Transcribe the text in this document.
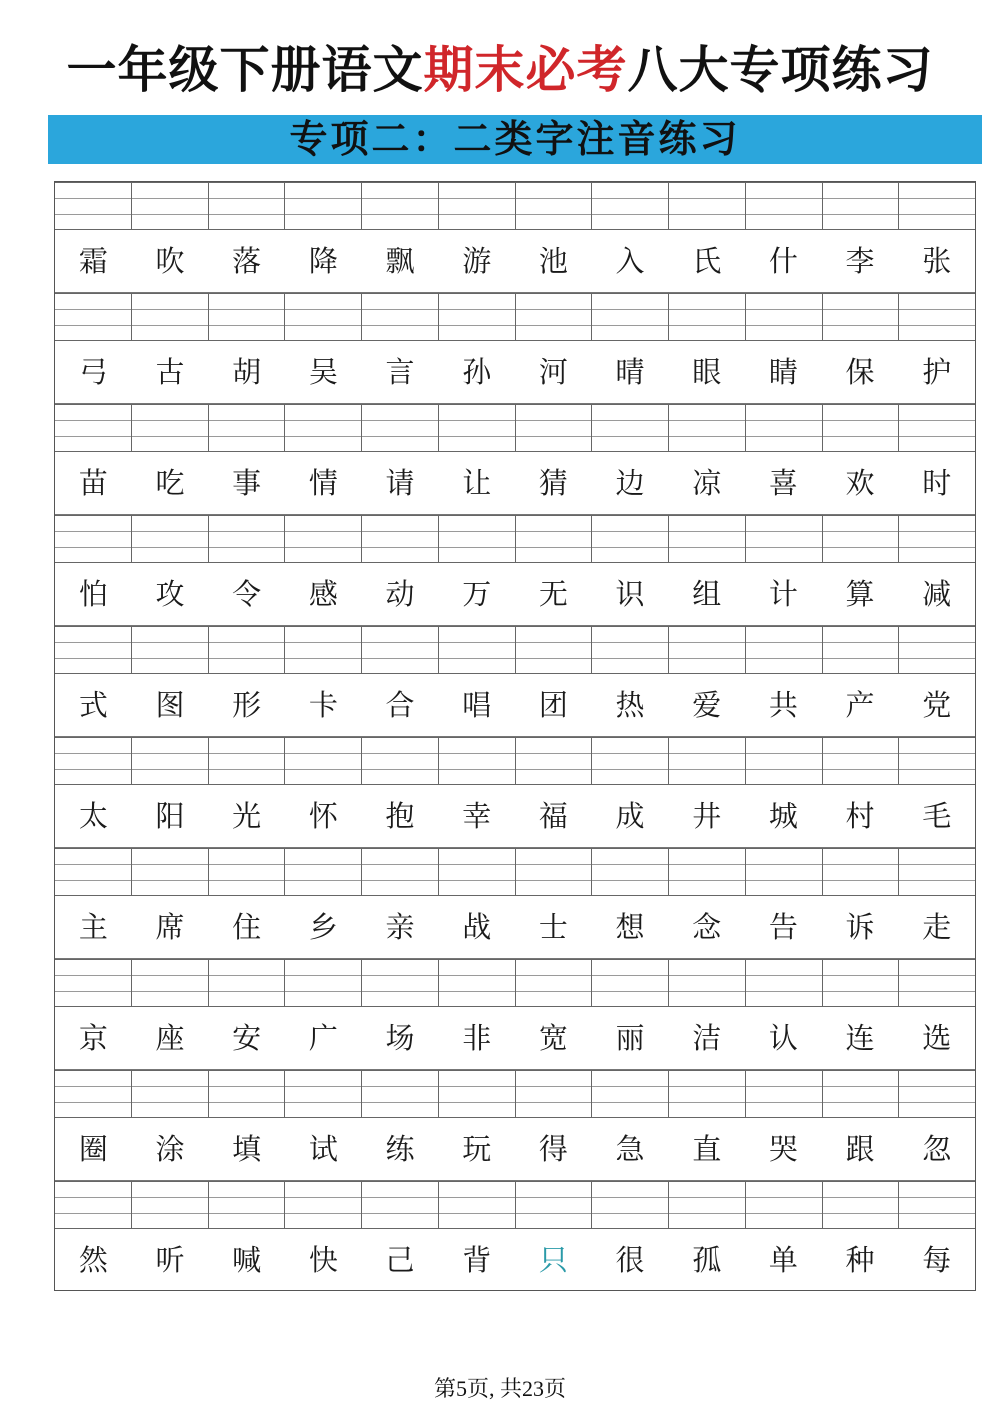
一年级下册语文期末必考八大专项练习
专项二：二类字注音练习
霜	吹	落	降	飘	游	池	入	氏	什	李	张
弓	古	胡	吴	言	孙	河	晴	眼	睛	保	护
苗	吃	事	情	请	让	猜	边	凉	喜	欢	时
怕	攻	令	感	动	万	无	识	组	计	算	减
式	图	形	卡	合	唱	团	热	爱	共	产	党
太	阳	光	怀	抱	幸	福	成	井	城	村	毛
主	席	住	乡	亲	战	士	想	念	告	诉	走
京	座	安	广	场	非	宽	丽	洁	认	连	选
圈	涂	填	试	练	玩	得	急	直	哭	跟	忽
然	听	喊	快	己	背	只	很	孤	单	种	每
第5页, 共23页
